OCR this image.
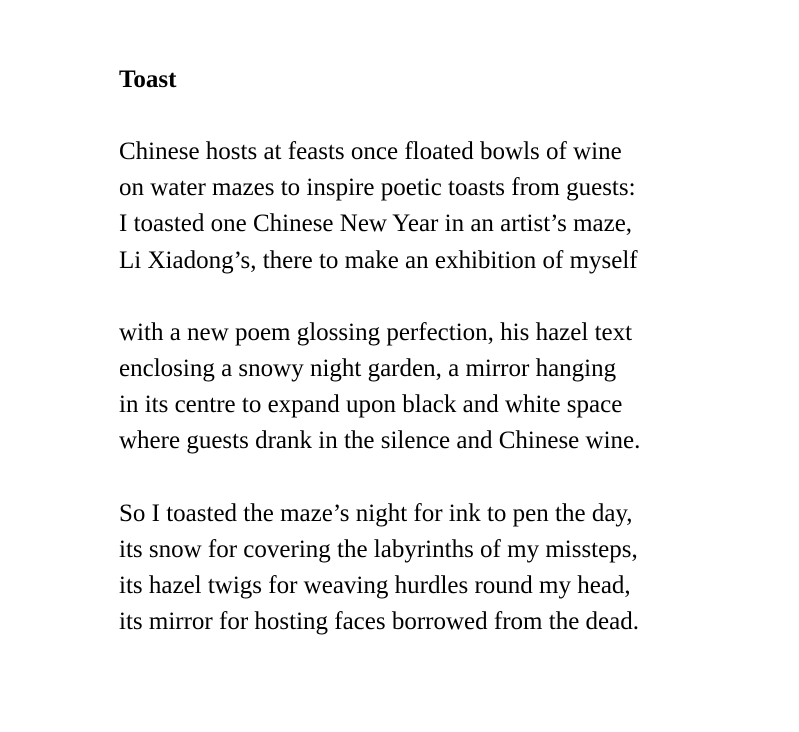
Toast
Chinese hosts at feasts once floated bowls of wine
on water mazes to inspire poetic toasts from guests:
I toasted one Chinese New Year in an artist’s maze,
Li Xiadong’s, there to make an exhibition of myself
with a new poem glossing perfection, his hazel text
enclosing a snowy night garden, a mirror hanging
in its centre to expand upon black and white space
where guests drank in the silence and Chinese wine.
So I toasted the maze’s night for ink to pen the day,
its snow for covering the labyrinths of my missteps,
its hazel twigs for weaving hurdles round my head,
its mirror for hosting faces borrowed from the dead.
